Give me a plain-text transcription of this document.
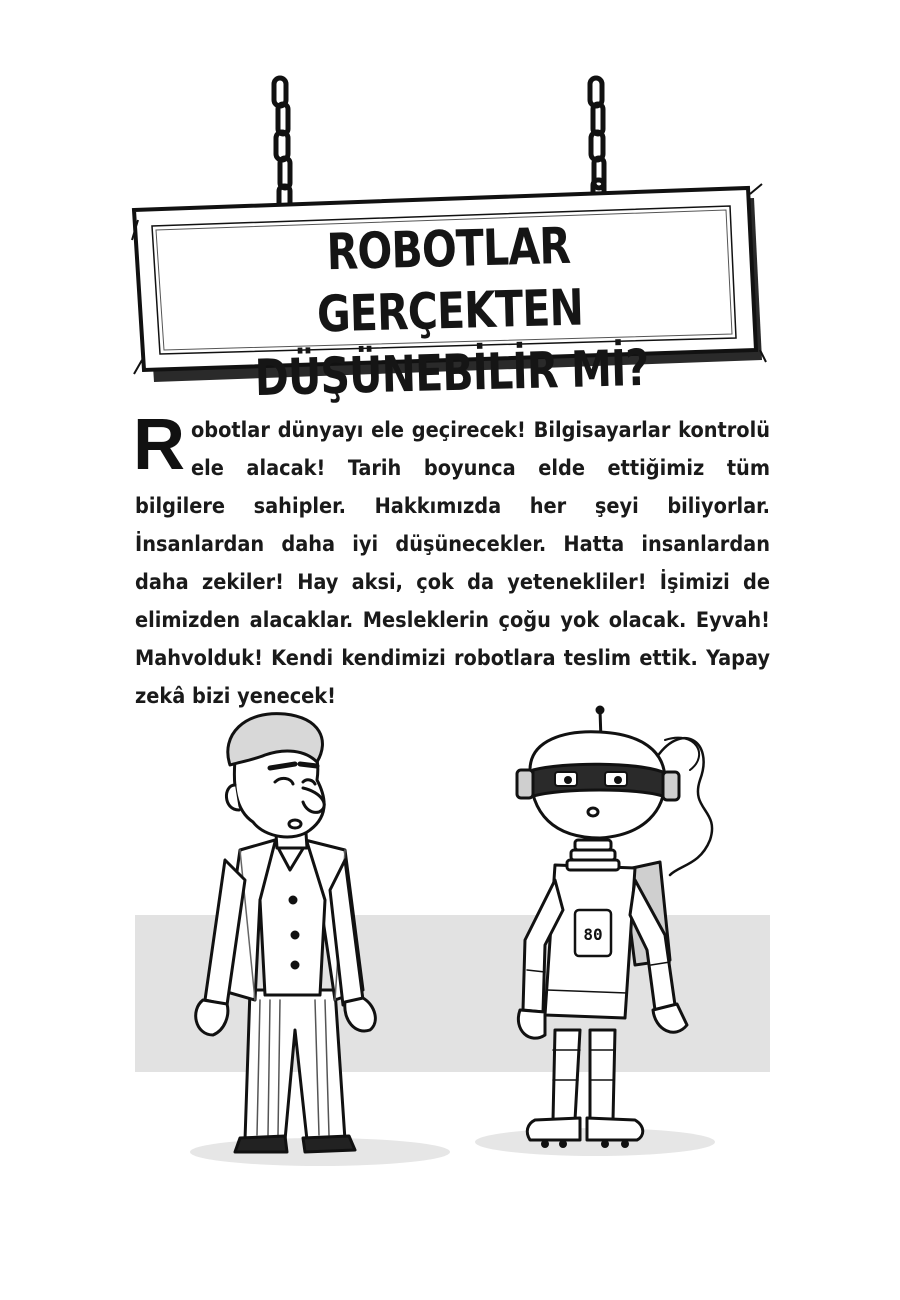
ROBOTLAR GERÇEKTEN
DÜŞÜNEBİLİR Mİ?
Robotlar dünyayı ele geçirecek! Bilgisayarlar kontrolü ele alacak! Tarih boyunca elde ettiğimiz tüm bilgilere sahipler. Hakkımızda her şeyi biliyorlar. İnsanlardan daha iyi düşünecekler. Hatta insanlardan daha zekiler! Hay aksi, çok da yetenekliler! İşimizi de elimizden alacaklar. Mesleklerin çoğu yok olacak. Eyvah! Mahvolduk! Kendi kendimizi robotlara teslim ettik. Yapay zekâ bizi yenecek!
80
